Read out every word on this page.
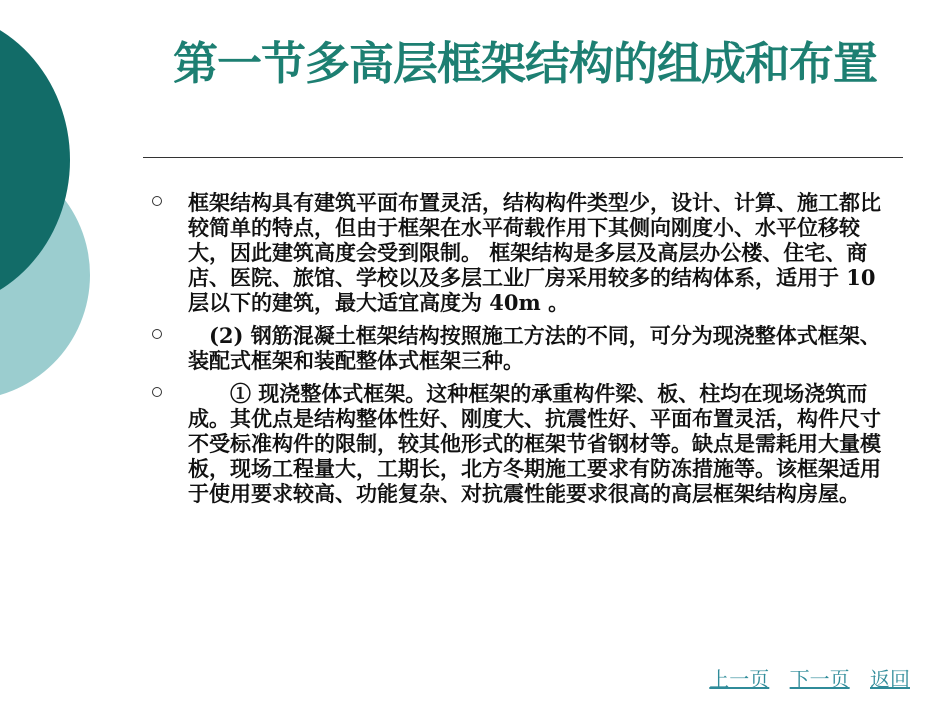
第一节多高层框架结构的组成和布置
框架结构具有建筑平面布置灵活，结构构件类型少，设计、计算、施工都比较简单的特点，但由于框架在水平荷载作用下其侧向刚度小、水平位移较大，因此建筑高度会受到限制。 框架结构是多层及高层办公楼、住宅、商店、医院、旅馆、学校以及多层工业厂房采用较多的结构体系，适用于 10 层以下的建筑，最大适宜高度为 40m 。
　(2) 钢筋混凝土框架结构按照施工方法的不同，可分为现浇整体式框架、装配式框架和装配整体式框架三种。
　　① 现浇整体式框架。这种框架的承重构件梁、板、柱均在现场浇筑而成。其优点是结构整体性好、刚度大、抗震性好、平面布置灵活，构件尺寸不受标准构件的限制，较其他形式的框架节省钢材等。缺点是需耗用大量模板，现场工程量大，工期长，北方冬期施工要求有防冻措施等。该框架适用于使用要求较高、功能复杂、对抗震性能要求很高的高层框架结构房屋。
上一页 下一页 返回
